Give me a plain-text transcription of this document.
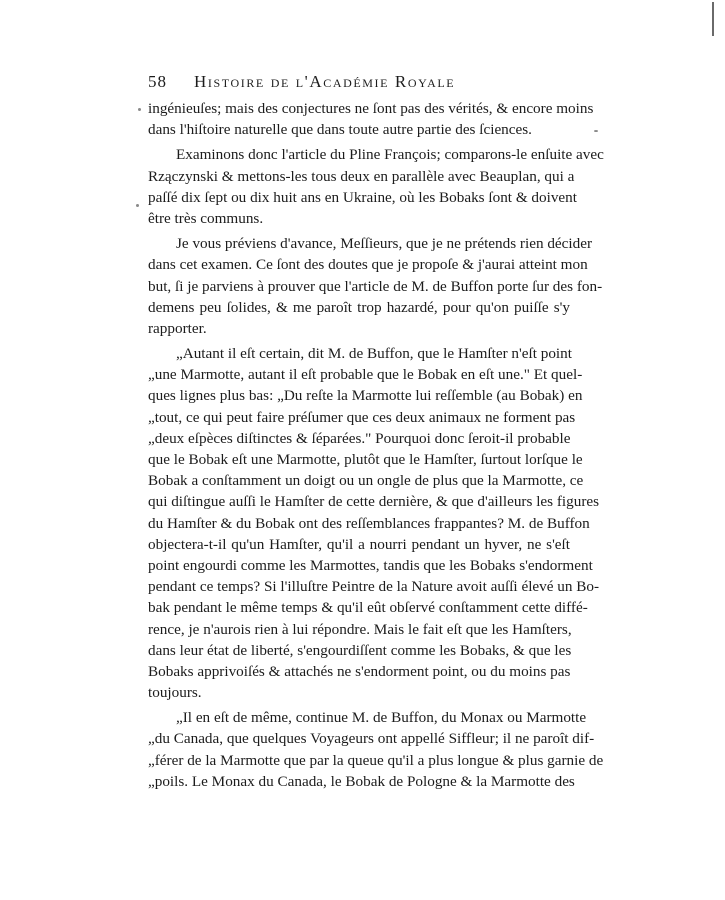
58 Histoire de l'Académie Royale
ingénieuſes; mais des conjectures ne ſont pas des vérités, & encore moins
dans l'hiſtoire naturelle que dans toute autre partie des ſciences.
Examinons donc l'article du Pline François; comparons-le enſuite avec
Rzączynski & mettons-les tous deux en parallèle avec Beauplan, qui a
paſſé dix ſept ou dix huit ans en Ukraine, où les Bobaks ſont & doivent
être très communs.
Je vous préviens d'avance, Meſſieurs, que je ne prétends rien décider
dans cet examen. Ce ſont des doutes que je propoſe & j'aurai atteint mon
but, ſi je parviens à prouver que l'article de M. de Buffon porte ſur des fon-
demens peu ſolides, & me paroît trop hazardé, pour qu'on puiſſe s'y
rapporter.
„Autant il eſt certain, dit M. de Buffon, que le Hamſter n'eſt point
„une Marmotte, autant il eſt probable que le Bobak en eſt une." Et quel-
ques lignes plus bas: „Du reſte la Marmotte lui reſſemble (au Bobak) en
„tout, ce qui peut faire préſumer que ces deux animaux ne forment pas
„deux eſpèces diſtinctes & ſéparées." Pourquoi donc ſeroit-il probable
que le Bobak eſt une Marmotte, plutôt que le Hamſter, ſurtout lorſque le
Bobak a conſtamment un doigt ou un ongle de plus que la Marmotte, ce
qui diſtingue auſſi le Hamſter de cette dernière, & que d'ailleurs les figures
du Hamſter & du Bobak ont des reſſemblances frappantes? M. de Buffon
objectera-t-il qu'un Hamſter, qu'il a nourri pendant un hyver, ne s'eſt
point engourdi comme les Marmottes, tandis que les Bobaks s'endorment
pendant ce temps? Si l'illuſtre Peintre de la Nature avoit auſſi élevé un Bo-
bak pendant le même temps & qu'il eût obſervé conſtamment cette diffé-
rence, je n'aurois rien à lui répondre. Mais le fait eſt que les Hamſters,
dans leur état de liberté, s'engourdiſſent comme les Bobaks, & que les
Bobaks apprivoiſés & attachés ne s'endorment point, ou du moins pas
toujours.
„Il en eſt de même, continue M. de Buffon, du Monax ou Marmotte
„du Canada, que quelques Voyageurs ont appellé Siffleur; il ne paroît dif-
„férer de la Marmotte que par la queue qu'il a plus longue & plus garnie de
„poils. Le Monax du Canada, le Bobak de Pologne & la Marmotte des
